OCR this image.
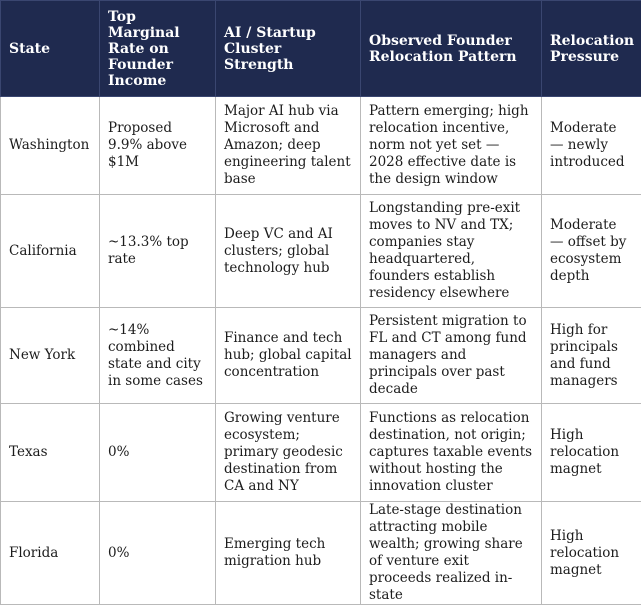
State	Top Marginal Rate on Founder Income	AI / Startup Cluster Strength	Observed Founder Relocation Pattern	Relocation Pressure
Washington	Proposed 9.9% above $1M	Major AI hub via Microsoft and Amazon; deep engineering talent base	Pattern emerging; high relocation incentive, norm not yet set — 2028 effective date is the design window	Moderate — newly introduced
California	~13.3% top rate	Deep VC and AI clusters; global technology hub	Longstanding pre-exit moves to NV and TX; companies stay headquartered, founders establish residency elsewhere	Moderate — offset by ecosystem depth
New York	~14% combined state and city in some cases	Finance and tech hub; global capital concentration	Persistent migration to FL and CT among fund managers and principals over past decade	High for principals and fund managers
Texas	0%	Growing venture ecosystem; primary geodesic destination from CA and NY	Functions as relocation destination, not origin; captures taxable events without hosting the innovation cluster	High relocation magnet
Florida	0%	Emerging tech migration hub	Late-stage destination attracting mobile wealth; growing share of venture exit proceeds realized in-state	High relocation magnet
